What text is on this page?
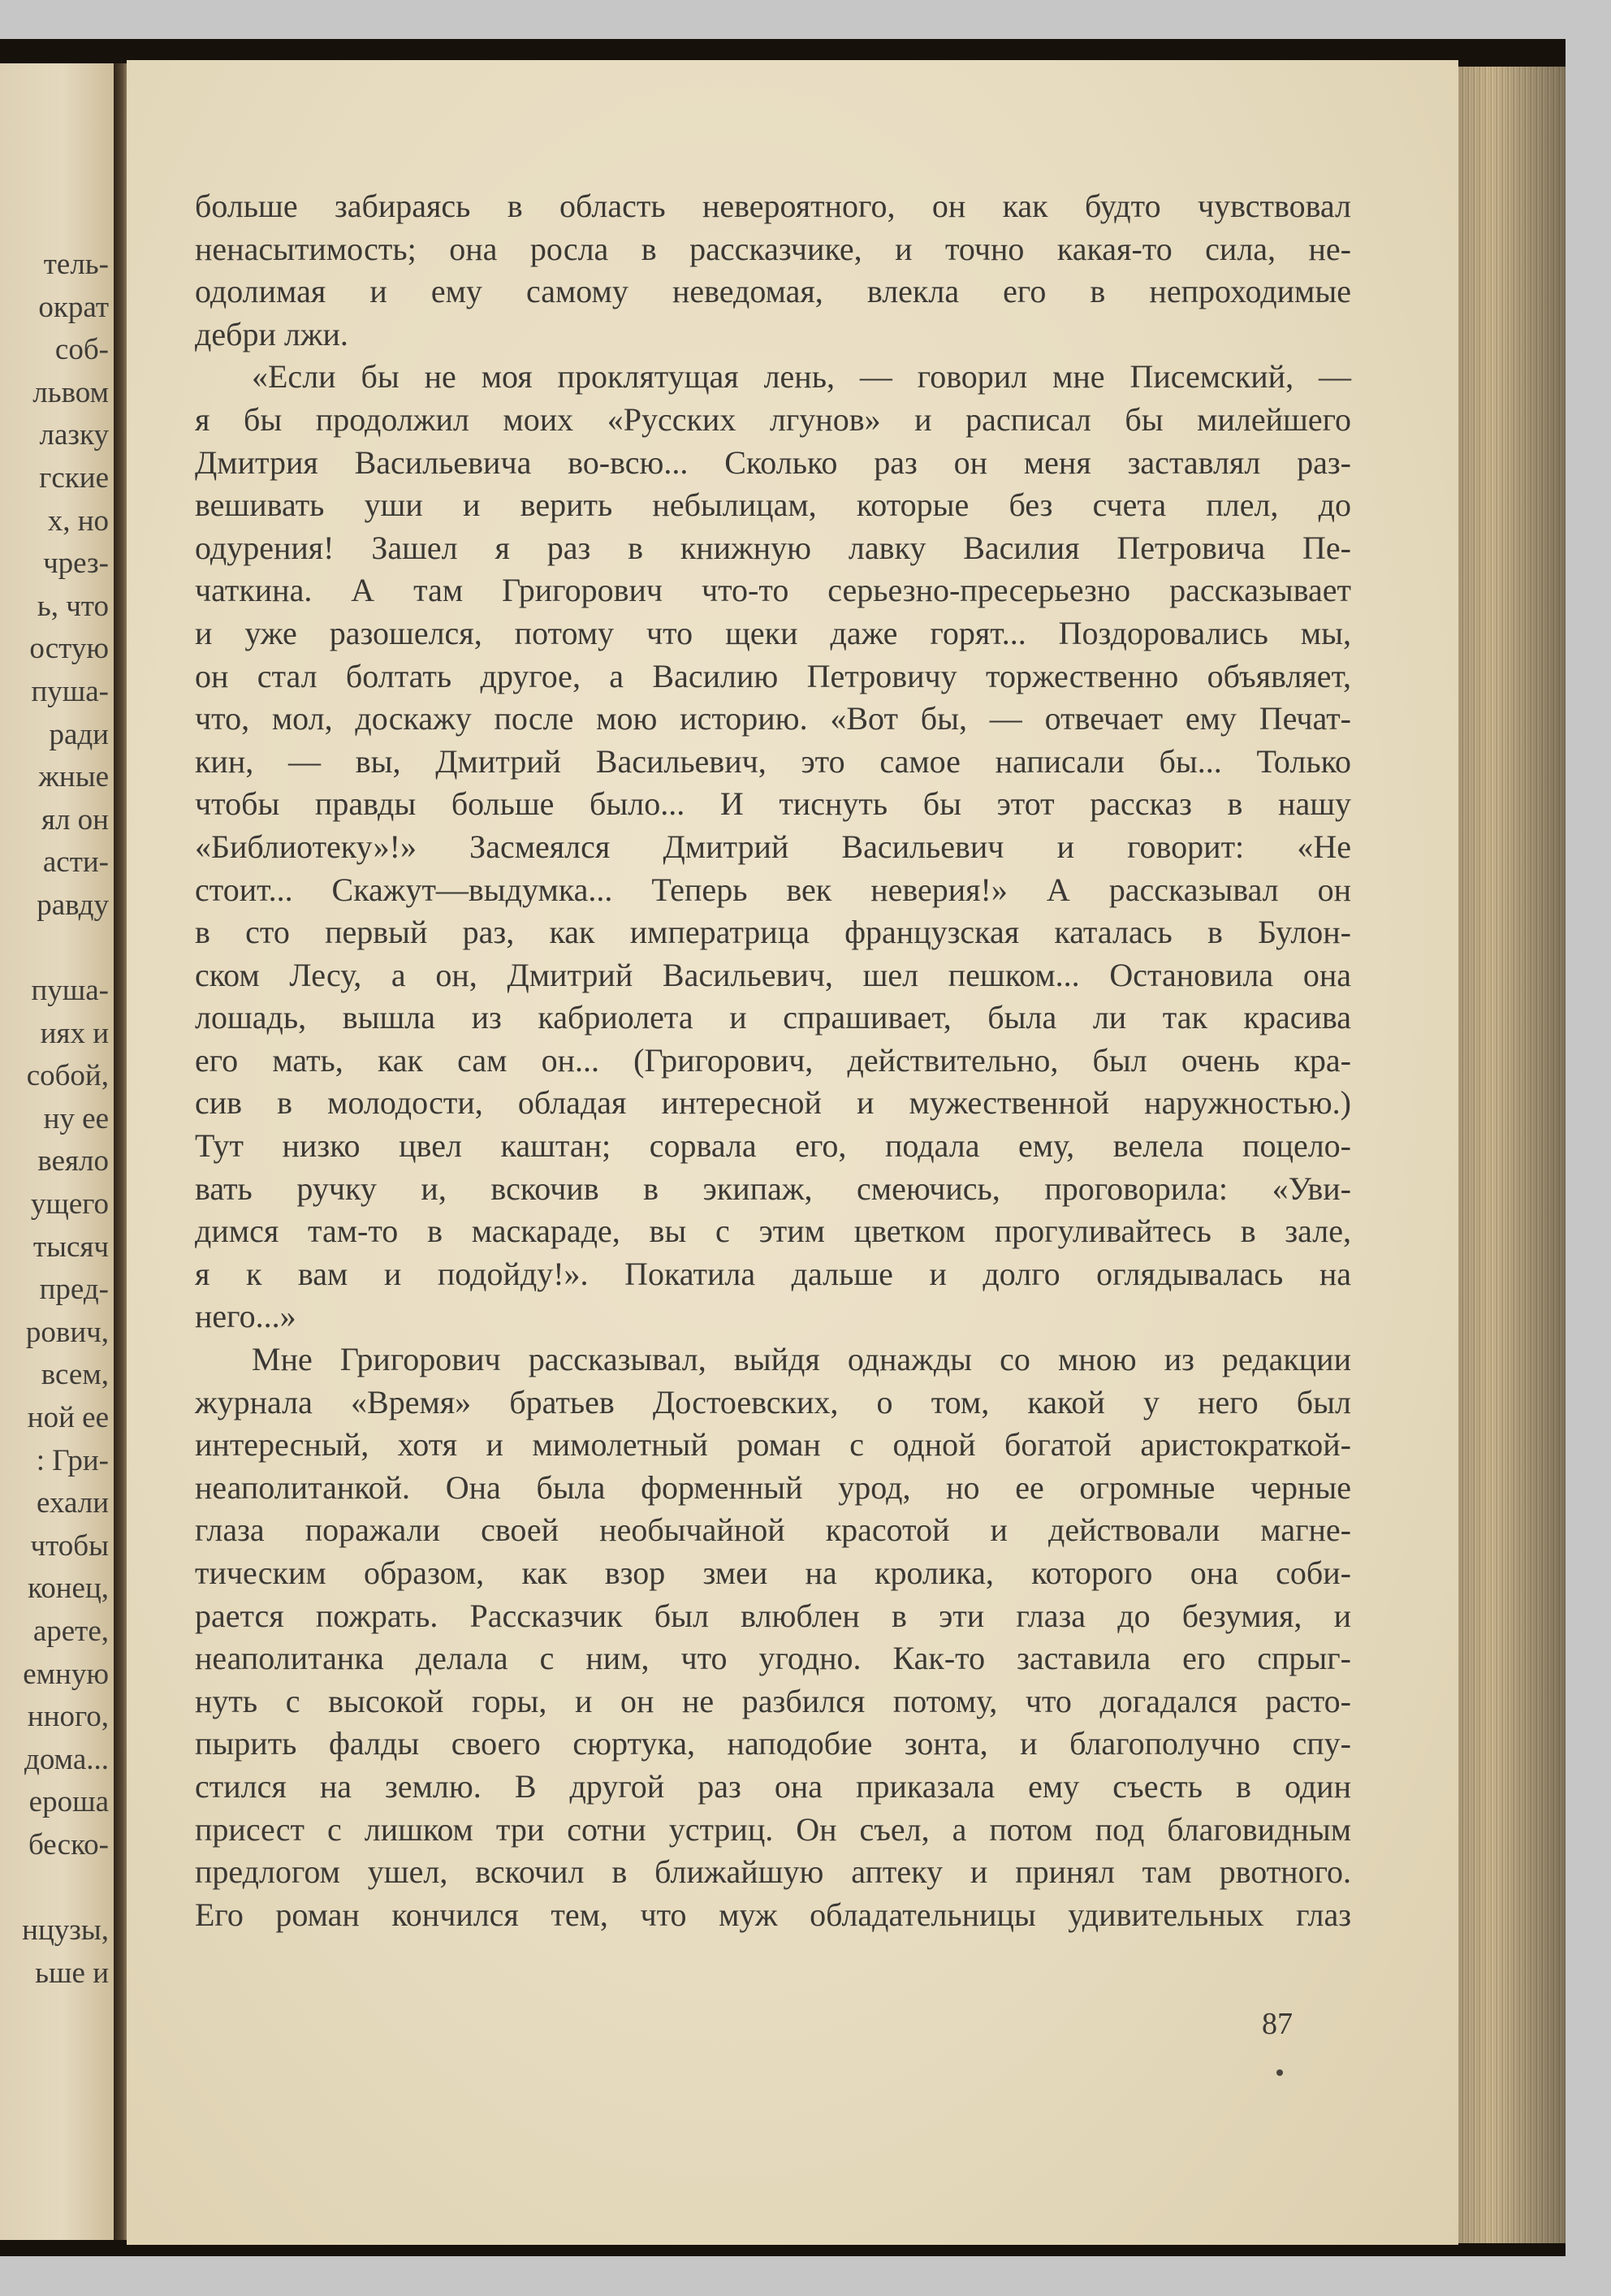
тель-
ократ
соб-
львом
лазку
гские
х, но
чрез-
ь, что
остую
пуша-
ради
жные
ял он
асти-
равду
пуша-
иях и
собой,
ну ее
веяло
ущего
тысяч
пред-
рович,
всем,
ной ее
: Гри-
ехали
чтобы
конец,
арете,
емную
нного,
дома...
ероша
беско-
нцузы,
ьше и
больше забираясь в область невероятного, он как будто чувствовал
ненасытимость; она росла в рассказчике, и точно какая-то сила, не-
одолимая и ему самому неведомая, влекла его в непроходимые
дебри лжи.
«Если бы не моя проклятущая лень, — говорил мне Писемский, —
я бы продолжил моих «Русских лгунов» и расписал бы милейшего
Дмитрия Васильевича во-всю... Сколько раз он меня заставлял раз-
вешивать уши и верить небылицам, которые без счета плел, до
одурения! Зашел я раз в книжную лавку Василия Петровича Пе-
чаткина. А там Григорович что-то серьезно-пресерьезно рассказывает
и уже разошелся, потому что щеки даже горят... Поздоровались мы,
он стал болтать другое, а Василию Петровичу торжественно объявляет,
что, мол, доскажу после мою историю. «Вот бы, — отвечает ему Печат-
кин, — вы, Дмитрий Васильевич, это самое написали бы... Только
чтобы правды больше было... И тиснуть бы этот рассказ в нашу
«Библиотеку»!» Засмеялся Дмитрий Васильевич и говорит: «Не
стоит... Скажут—выдумка... Теперь век неверия!» А рассказывал он
в сто первый раз, как императрица французская каталась в Булон-
ском Лесу, а он, Дмитрий Васильевич, шел пешком... Остановила она
лошадь, вышла из кабриолета и спрашивает, была ли так красива
его мать, как сам он... (Григорович, действительно, был очень кра-
сив в молодости, обладая интересной и мужественной наружностью.)
Тут низко цвел каштан; сорвала его, подала ему, велела поцело-
вать ручку и, вскочив в экипаж, смеючись, проговорила: «Уви-
димся там-то в маскараде, вы с этим цветком прогуливайтесь в зале,
я к вам и подойду!». Покатила дальше и долго оглядывалась на
него...»
Мне Григорович рассказывал, выйдя однажды со мною из редакции
журнала «Время» братьев Достоевских, о том, какой у него был
интересный, хотя и мимолетный роман с одной богатой аристократкой-
неаполитанкой. Она была форменный урод, но ее огромные черные
глаза поражали своей необычайной красотой и действовали магне-
тическим образом, как взор змеи на кролика, которого она соби-
рается пожрать. Рассказчик был влюблен в эти глаза до безумия, и
неаполитанка делала с ним, что угодно. Как-то заставила его спрыг-
нуть с высокой горы, и он не разбился потому, что догадался расто-
пырить фалды своего сюртука, наподобие зонта, и благополучно спу-
стился на землю. В другой раз она приказала ему съесть в один
присест с лишком три сотни устриц. Он съел, а потом под благовидным
предлогом ушел, вскочил в ближайшую аптеку и принял там рвотного.
Его роман кончился тем, что муж обладательницы удивительных глаз
87
